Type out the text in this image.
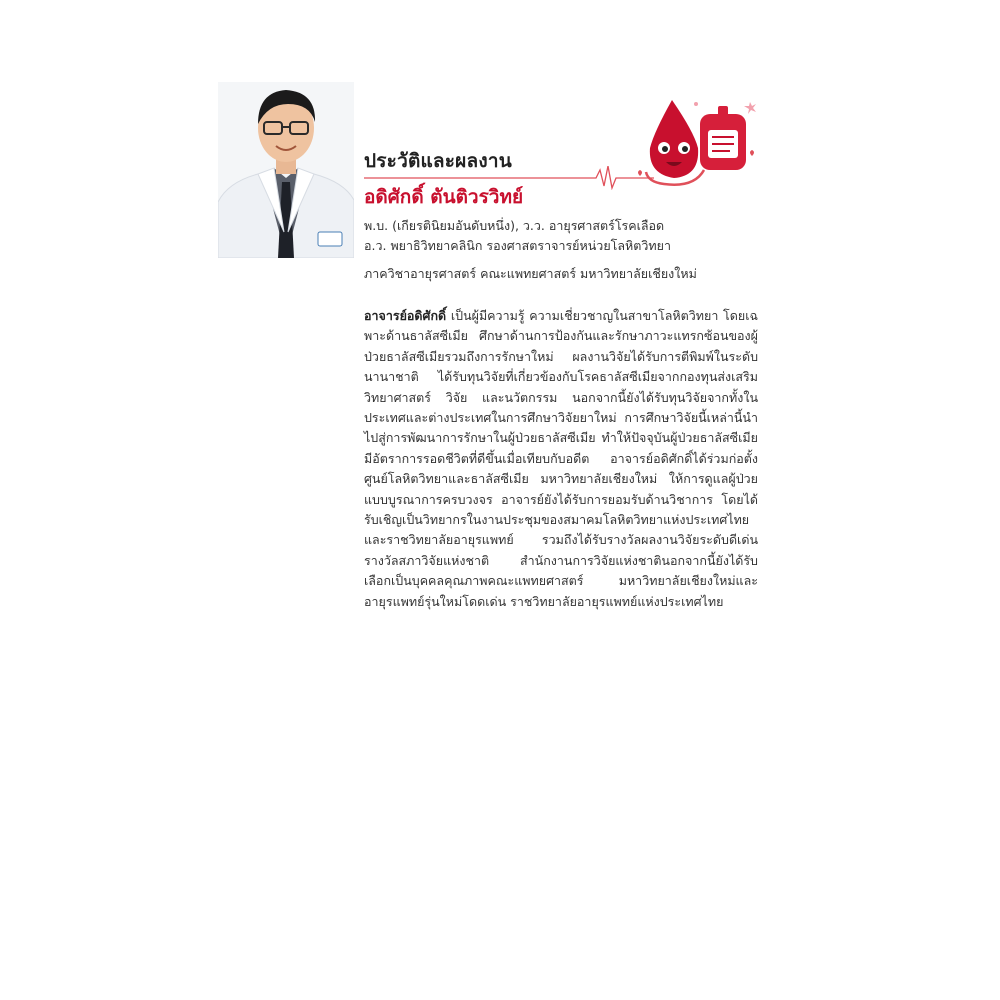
ประวัติและผลงาน
อดิศักดิ์ ตันติวรวิทย์

พ.บ. (เกียรตินิยมอันดับหนึ่ง), ว.ว. อายุรศาสตร์โรคเลือด

อ.ว. พยาธิวิทยาคลินิก รองศาสตราจารย์หน่วยโลหิตวิทยา

ภาควิชาอายุรศาสตร์ คณะแพทยศาสตร์ มหาวิทยาลัยเชียงใหม่

อาจารย์อดิศักดิ์ เป็นผู้มีความรู้ ความเชี่ยวชาญในสาขาโลหิตวิทยา โดยเฉพาะด้านธาลัสซีเมีย ศึกษาด้านการป้องกันและรักษาภาวะแทรกซ้อนของผู้ป่วยธาลัสซีเมียรวมถึงการรักษาใหม่ ผลงานวิจัยได้รับการตีพิมพ์ในระดับนานาชาติ ได้รับทุนวิจัยที่เกี่ยวข้องกับโรคธาลัสซีเมียจากกองทุนส่งเสริมวิทยาศาสตร์ วิจัย และนวัตกรรม นอกจากนี้ยังได้รับทุนวิจัยจากทั้งในประเทศและต่างประเทศในการศึกษาวิจัยยาใหม่ การศึกษาวิจัยนี้เหล่านี้นำไปสู่การพัฒนาการรักษาในผู้ป่วยธาลัสซีเมีย ทำให้ปัจจุบันผู้ป่วยธาลัสซีเมียมีอัตราการรอดชีวิตที่ดีขึ้นเมื่อเทียบกับอดีต อาจารย์อดิศักดิ์ได้ร่วมก่อตั้งศูนย์โลหิตวิทยาและธาลัสซีเมีย มหาวิทยาลัยเชียงใหม่ ให้การดูแลผู้ป่วยแบบบูรณาการครบวงจร อาจารย์ยังได้รับการยอมรับด้านวิชาการ โดยได้รับเชิญเป็นวิทยากรในงานประชุมของสมาคมโลหิตวิทยาแห่งประเทศไทยและราชวิทยาลัยอายุรแพทย์ รวมถึงได้รับรางวัลผลงานวิจัยระดับดีเด่น รางวัลสภาวิจัยแห่งชาติ สำนักงานการวิจัยแห่งชาตินอกจากนี้ยังได้รับเลือกเป็นบุคคลคุณภาพคณะแพทยศาสตร์ มหาวิทยาลัยเชียงใหม่และอายุรแพทย์รุ่นใหม่โดดเด่น ราชวิทยาลัยอายุรแพทย์แห่งประเทศไทย
